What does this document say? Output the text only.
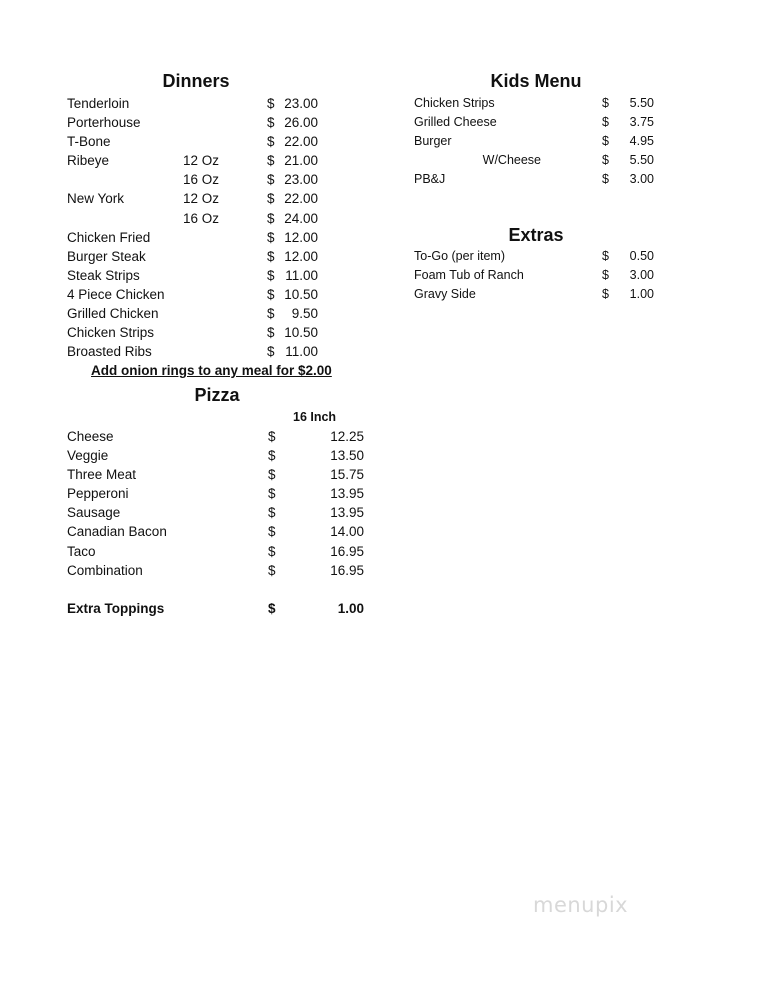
Dinners
Tenderloin	$ 23.00
Porterhouse	$ 26.00
T-Bone	$ 22.00
Ribeye	12 Oz	$ 21.00
16 Oz	$ 23.00
New York	12 Oz	$ 22.00
16 Oz	$ 24.00
Chicken Fried	$ 12.00
Burger Steak	$ 12.00
Steak Strips	$ 11.00
4 Piece Chicken	$ 10.50
Grilled Chicken	$	9.50
Chicken Strips	$ 10.50
Broasted Ribs	$ 11.00
Add onion rings to any meal for $2.00
Pizza
16 Inch
Cheese	$	12.25
Veggie	$	13.50
Three Meat	$	15.75
Pepperoni	$	13.95
Sausage	$	13.95
Canadian Bacon	$	14.00
Taco	$	16.95
Combination	$	16.95
Extra Toppings	$	1.00
Kids Menu
Chicken Strips	$	5.50
Grilled Cheese	$	3.75
Burger	$	4.95
W/Cheese	$	5.50
PB&J	$	3.00
Extras
To-Go (per item)	$	0.50
Foam Tub of Ranch	$	3.00
Gravy Side	$	1.00
menupix
